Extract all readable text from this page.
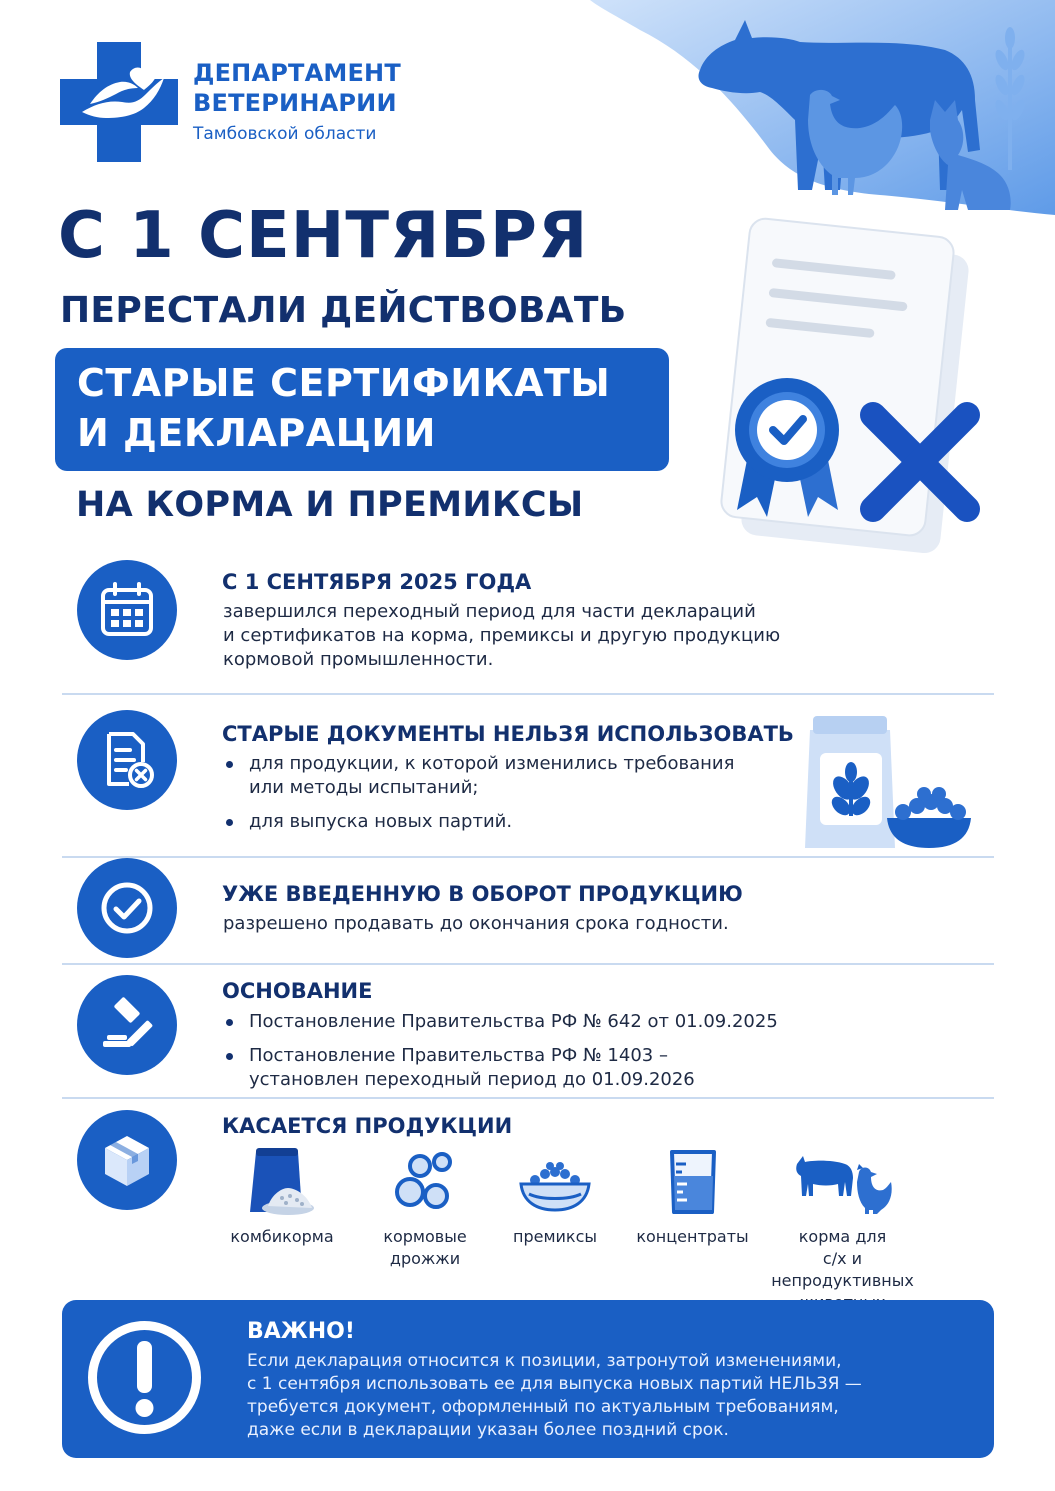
ДЕПАРТАМЕНТ
ВЕТЕРИНАРИИ
Тамбовской области
С 1 СЕНТЯБРЯ
ПЕРЕСТАЛИ ДЕЙСТВОВАТЬ
СТАРЫЕ СЕРТИФИКАТЫ
И ДЕКЛАРАЦИИ
НА КОРМА И ПРЕМИКСЫ
С 1 СЕНТЯБРЯ 2025 ГОДА
завершился переходный период для части деклараций
и сертификатов на корма, премиксы и другую продукцию
кормовой промышленности.
СТАРЫЕ ДОКУМЕНТЫ НЕЛЬЗЯ ИСПОЛЬЗОВАТЬ
для продукции, к которой изменились требования
или методы испытаний;
для выпуска новых партий.
УЖЕ ВВЕДЕННУЮ В ОБОРОТ ПРОДУКЦИЮ
разрешено продавать до окончания срока годности.
ОСНОВАНИЕ
Постановление Правительства РФ № 642 от 01.09.2025
Постановление Правительства РФ № 1403 –
установлен переходный период до 01.09.2026
КАСАЕТСЯ ПРОДУКЦИИ
комбикорма	кормовые
дрожжи
премиксы	концентраты	корма для
с/х и непродуктивных

ВАЖНО!
Если декларация относится к позиции, затронутой изменениями,
с 1 сентября использовать ее для выпуска новых партий НЕЛЬЗЯ —
требуется документ, оформленный по актуальным требованиям,
даже если в декларации указан более поздний срок.
